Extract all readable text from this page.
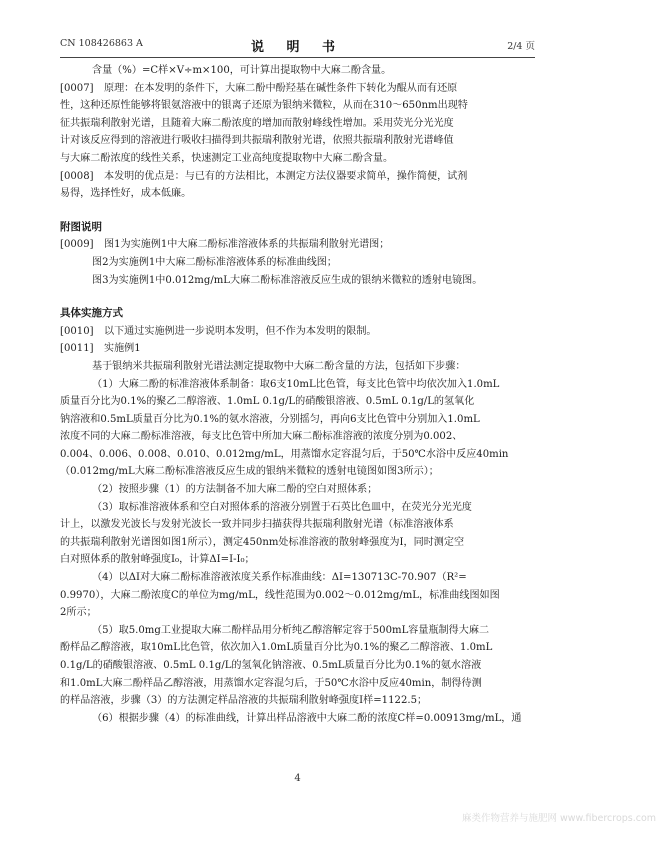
CN 108426863 A	说 明 书	2/4 页
含量（%）=C样×V÷m×100，可计算出提取物中大麻二酚含量。
[0007] 原理：在本发明的条件下，大麻二酚中酚羟基在碱性条件下转化为醌从而有还原
性，这种还原性能够将银氨溶液中的银离子还原为银纳米微粒，从而在310～650nm出现特
征共振瑞利散射光谱，且随着大麻二酚浓度的增加而散射峰线性增加。采用荧光分光光度
计对该反应得到的溶液进行吸收扫描得到共振瑞利散射光谱，依照共振瑞利散射光谱峰值
与大麻二酚浓度的线性关系，快速测定工业高纯度提取物中大麻二酚含量。
[0008] 本发明的优点是：与已有的方法相比，本测定方法仪器要求简单，操作简便，试剂
易得，选择性好，成本低廉。
附图说明
[0009] 图1为实施例1中大麻二酚标准溶液体系的共振瑞利散射光谱图；
图2为实施例1中大麻二酚标准溶液体系的标准曲线图；
图3为实施例1中0.012mg/mL大麻二酚标准溶液反应生成的银纳米微粒的透射电镜图。
具体实施方式
[0010] 以下通过实施例进一步说明本发明，但不作为本发明的限制。
[0011] 实施例1
基于银纳米共振瑞利散射光谱法测定提取物中大麻二酚含量的方法，包括如下步骤：
（1）大麻二酚的标准溶液体系制备：取6支10mL比色管，每支比色管中均依次加入1.0mL
质量百分比为0.1%的聚乙二醇溶液、1.0mL 0.1g/L的硝酸银溶液、0.5mL 0.1g/L的氢氧化
钠溶液和0.5mL质量百分比为0.1%的氨水溶液，分别摇匀，再向6支比色管中分别加入1.0mL
浓度不同的大麻二酚标准溶液，每支比色管中所加大麻二酚标准溶液的浓度分别为0.002、
0.004、0.006、0.008、0.010、0.012mg/mL，用蒸馏水定容混匀后，于50℃水浴中反应40min
（0.012mg/mL大麻二酚标准溶液反应生成的银纳米微粒的透射电镜图如图3所示）；
（2）按照步骤（1）的方法制备不加大麻二酚的空白对照体系；
（3）取标准溶液体系和空白对照体系的溶液分别置于石英比色皿中，在荧光分光光度
计上，以激发光波长与发射光波长一致并同步扫描获得共振瑞利散射光谱（标准溶液体系
的共振瑞利散射光谱图如图1所示），测定450nm处标准溶液的散射峰强度为I，同时测定空
白对照体系的散射峰强度I₀，计算ΔI=I-I₀；
（4）以ΔI对大麻二酚标准溶液浓度关系作标准曲线：ΔI=130713C-70.907（R²=
0.9970），大麻二酚浓度C的单位为mg/mL，线性范围为0.002～0.012mg/mL，标准曲线图如图
2所示；
（5）取5.0mg工业提取大麻二酚样品用分析纯乙醇溶解定容于500mL容量瓶制得大麻二
酚样品乙醇溶液，取10mL比色管，依次加入1.0mL质量百分比为0.1%的聚乙二醇溶液、1.0mL
0.1g/L的硝酸银溶液、0.5mL 0.1g/L的氢氧化钠溶液、0.5mL质量百分比为0.1%的氨水溶液
和1.0mL大麻二酚样品乙醇溶液，用蒸馏水定容混匀后，于50℃水浴中反应40min，制得待测
的样品溶液，步骤（3）的方法测定样品溶液的共振瑞利散射峰强度I样=1122.5；
（6）根据步骤（4）的标准曲线，计算出样品溶液中大麻二酚的浓度C样=0.00913mg/mL，通
4
麻类作物营养与施肥网 www.fibercrops.com
